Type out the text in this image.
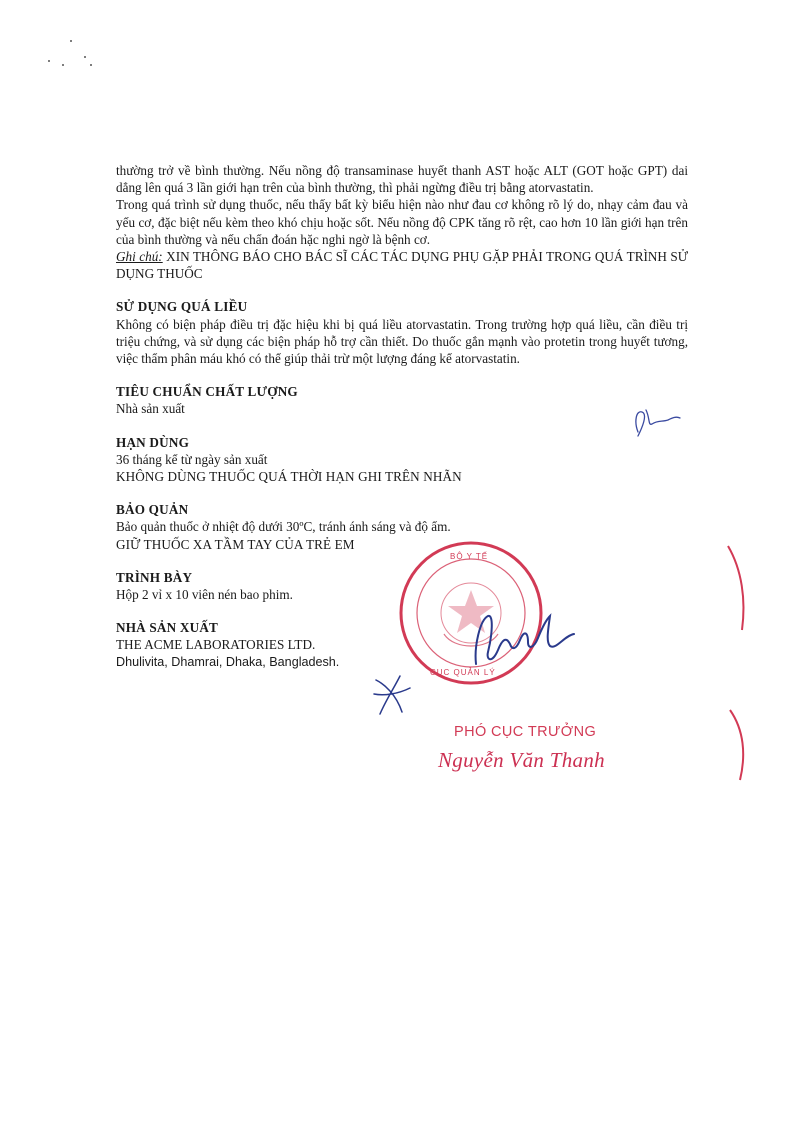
thường trở về bình thường. Nếu nồng độ transaminase huyết thanh AST hoặc ALT (GOT hoặc GPT) dai dẳng lên quá 3 lần giới hạn trên của bình thường, thì phải ngừng điều trị bằng atorvastatin.

Trong quá trình sử dụng thuốc, nếu thấy bất kỳ biểu hiện nào như đau cơ không rõ lý do, nhạy cảm đau và yếu cơ, đặc biệt nếu kèm theo khó chịu hoặc sốt. Nếu nồng độ CPK tăng rõ rệt, cao hơn 10 lần giới hạn trên của bình thường và nếu chẩn đoán hặc nghi ngờ là bệnh cơ.

Ghi chú: XIN THÔNG BÁO CHO BÁC SĨ CÁC TÁC DỤNG PHỤ GẶP PHẢI TRONG QUÁ TRÌNH SỬ DỤNG THUỐC

SỬ DỤNG QUÁ LIỀU

Không có biện pháp điều trị đặc hiệu khi bị quá liều atorvastatin. Trong trường hợp quá liều, cần điều trị triệu chứng, và sử dụng các biện pháp hỗ trợ cần thiết. Do thuốc gắn mạnh vào protetin trong huyết tương, việc thẩm phân máu khó có thể giúp thải trừ một lượng đáng kể atorvastatin.

TIÊU CHUẨN CHẤT LƯỢNG

Nhà sản xuất

HẠN DÙNG

36 tháng kể từ ngày sản xuất

KHÔNG DÙNG THUỐC QUÁ THỜI HẠN GHI TRÊN NHÃN

BẢO QUẢN

Bảo quản thuốc ở nhiệt độ dưới 30ºC, tránh ánh sáng và độ ẩm.

GIỮ THUỐC XA TẦM TAY CỦA TRẺ EM

TRÌNH BÀY

Hộp 2 vỉ x 10 viên nén bao phim.

NHÀ SẢN XUẤT

THE ACME LABORATORIES LTD.

Dhulivita, Dhamrai, Dhaka, Bangladesh.

BỘ Y TẾ
CỤC QUẢN LÝ
PHÓ CỤC TRƯỞNG
Nguyễn Văn Thanh
